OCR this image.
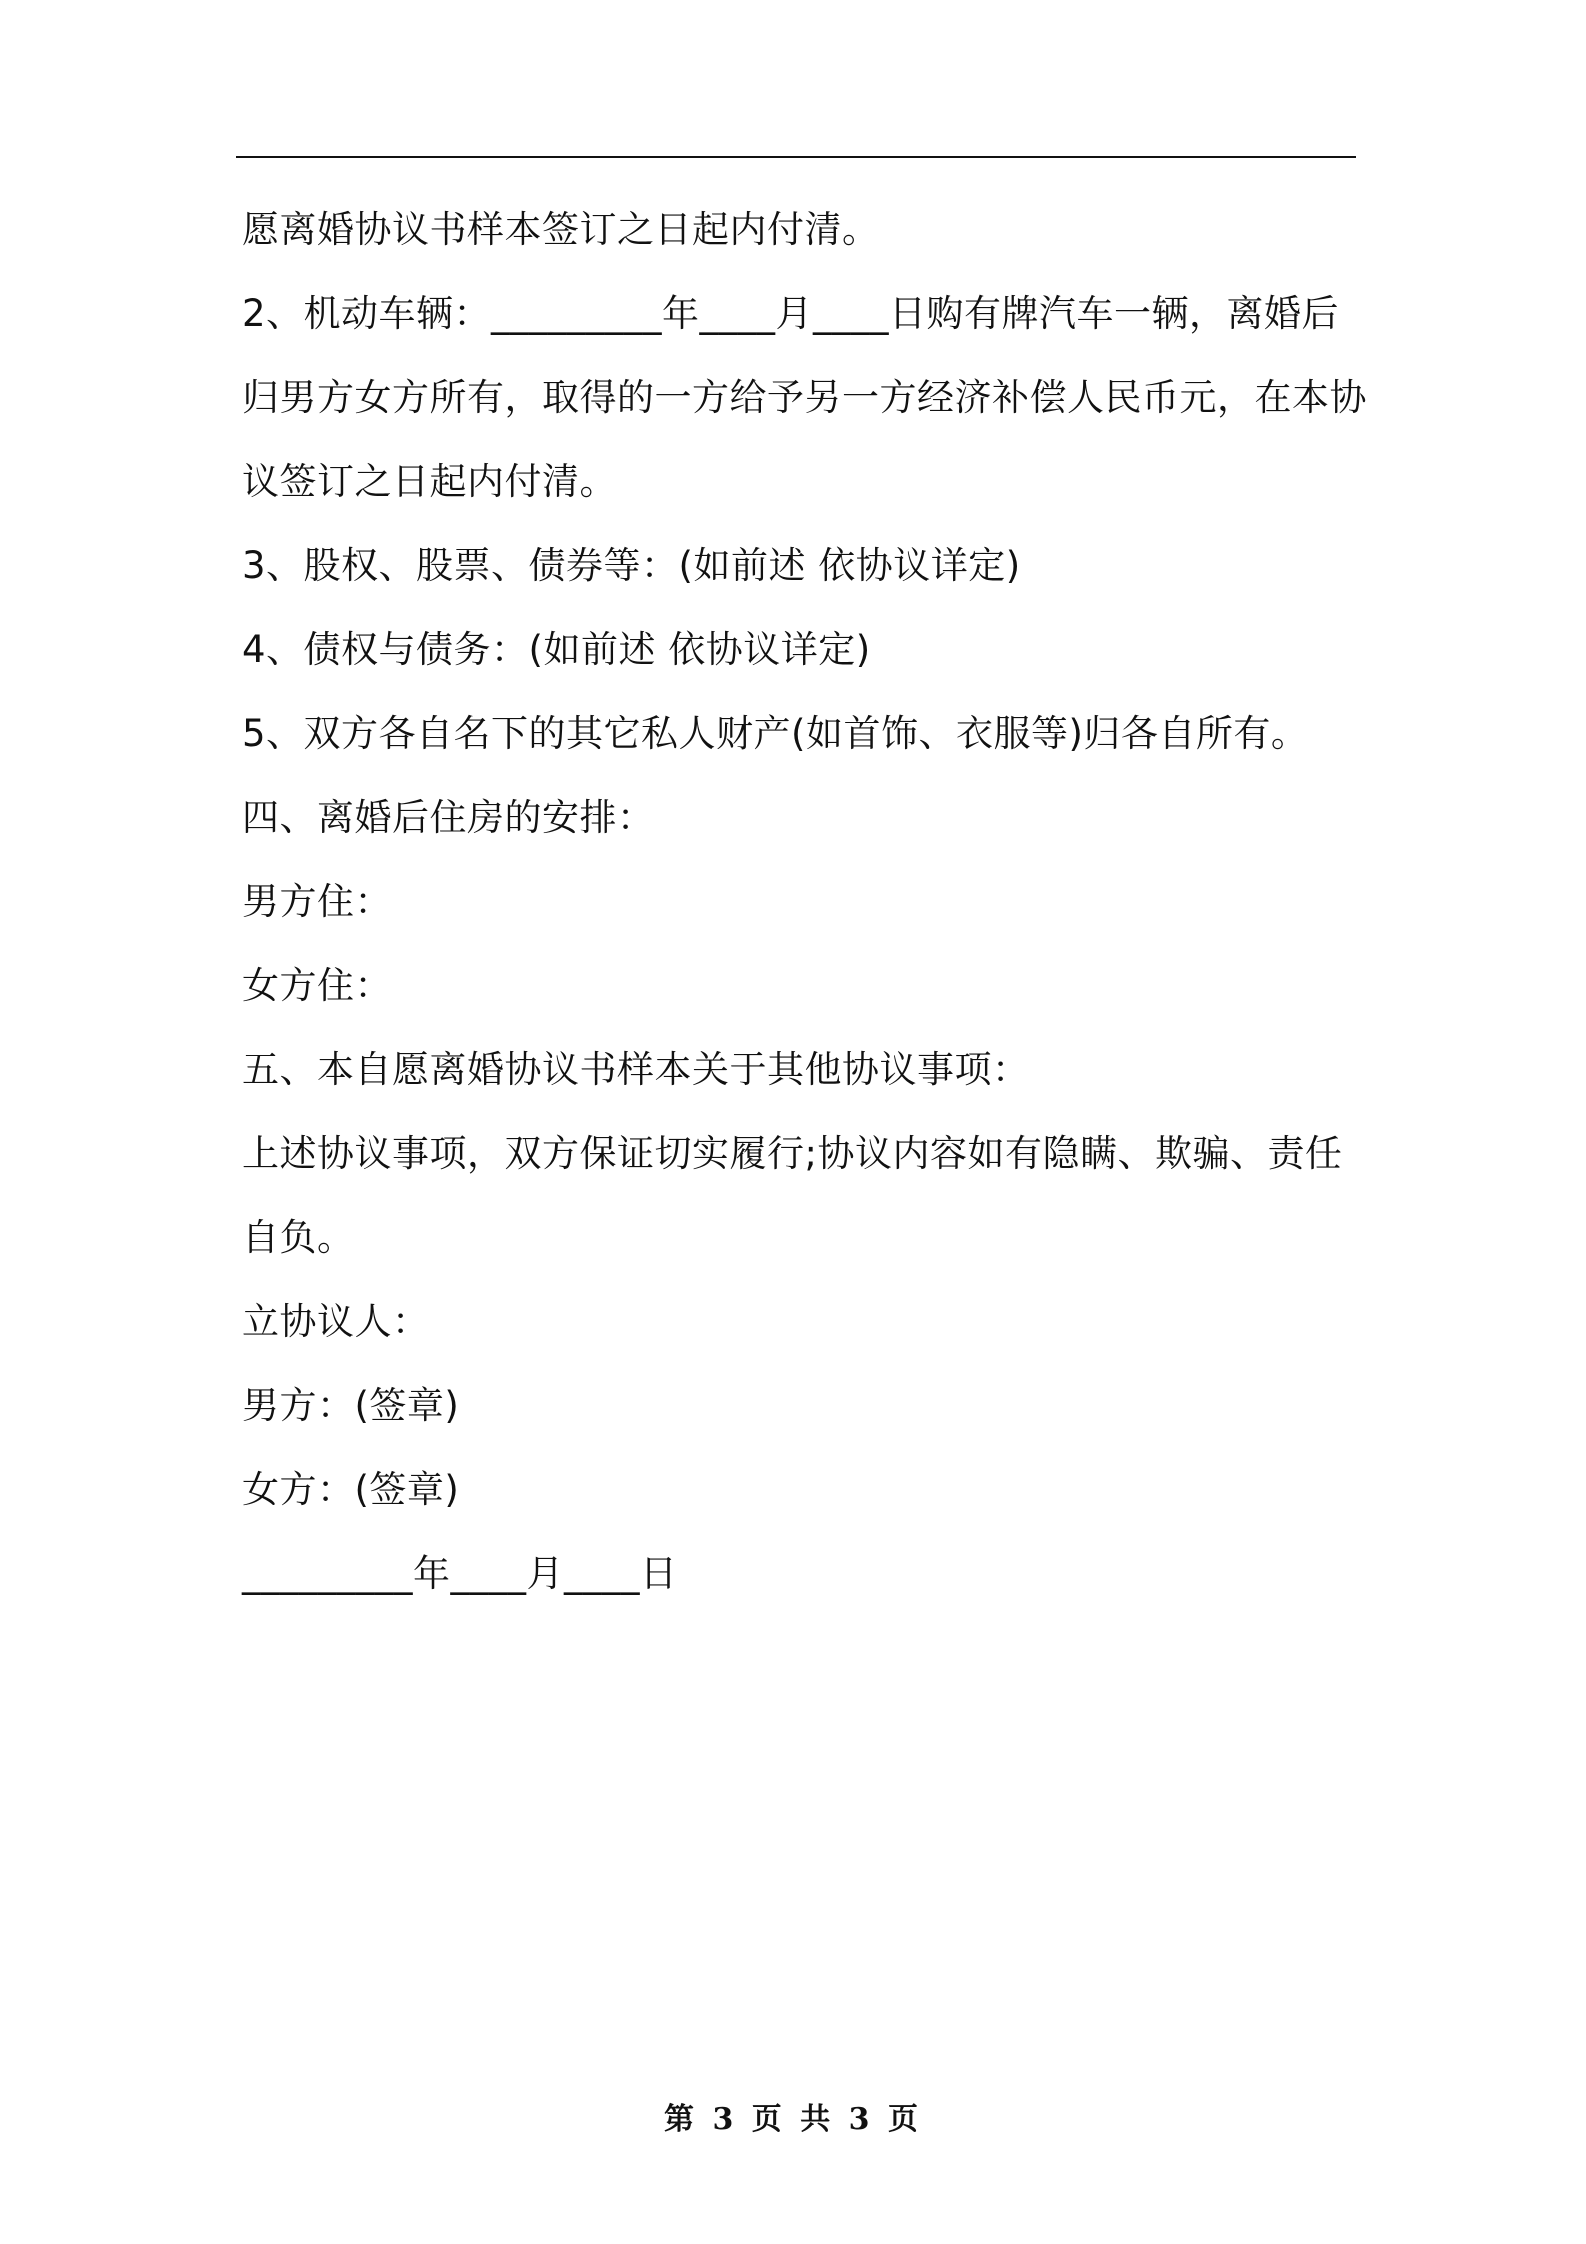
愿离婚协议书样本签订之日起内付清。

2、机动车辆：_________年____月____日购有牌汽车一辆，离婚后

归男方女方所有，取得的一方给予另一方经济补偿人民币元，在本协

议签订之日起内付清。

3、股权、股票、债券等：(如前述 依协议详定)

4、债权与债务：(如前述 依协议详定)

5、双方各自名下的其它私人财产(如首饰、衣服等)归各自所有。

四、离婚后住房的安排：

男方住：

女方住：

五、本自愿离婚协议书样本关于其他协议事项：

上述协议事项，双方保证切实履行;协议内容如有隐瞒、欺骗、责任

自负。

立协议人：

男方：(签章)

女方：(签章)

_________年____月____日

第 3 页 共 3 页
